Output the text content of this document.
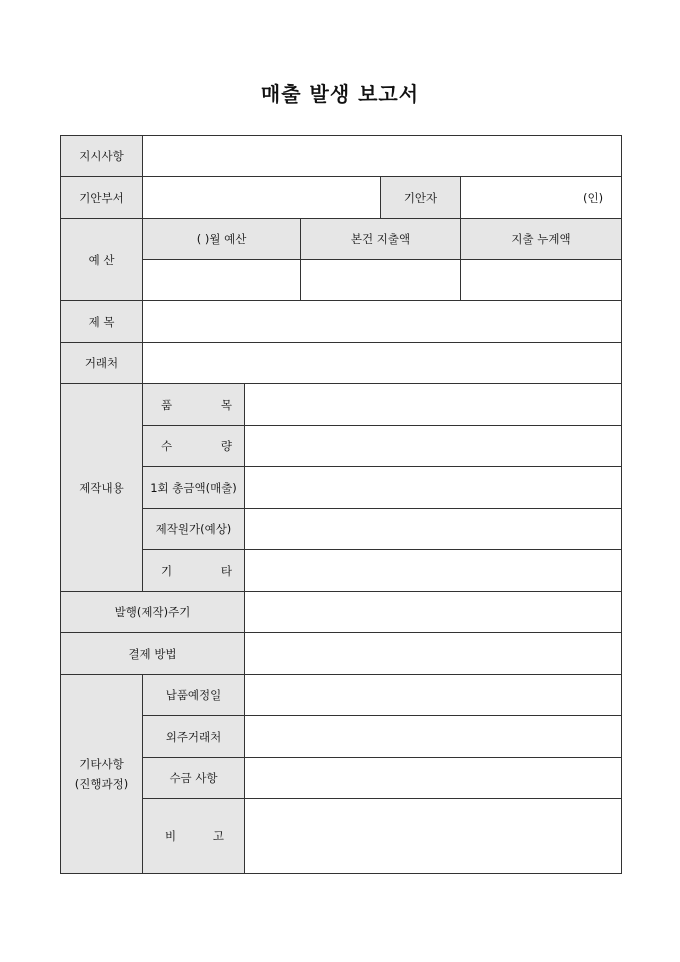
매출 발생 보고서
지시사항					
기안부서				기안자	(인)
예 산	( )월 예산		본건 지출액		지출 누계액

제 목					
거래처					
제작내용	품 목				

	수 량				

	1회 총금액(매출)				
	제작원가(예상)				

	기 타				

발행(제작)주기					
결제 방법					

기타사항
(진행과정)	납품예정일				
	외주거래처				
	수금 사항				

	비 고				
